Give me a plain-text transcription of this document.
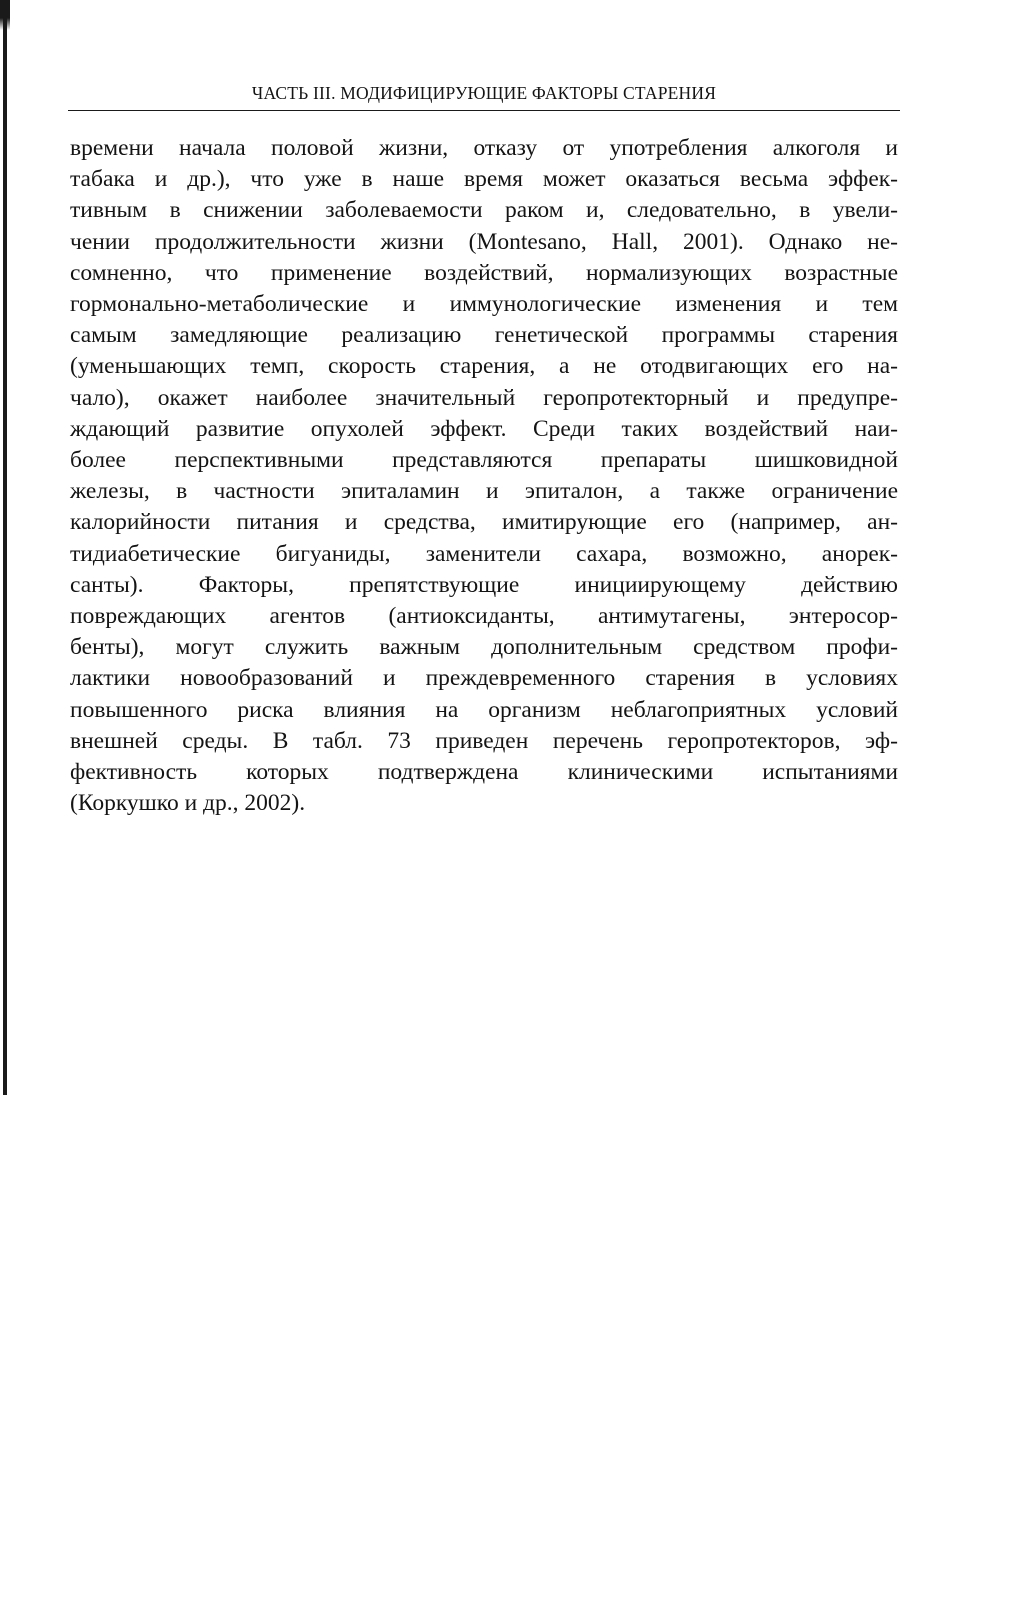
ЧАСТЬ III. МОДИФИЦИРУЮЩИЕ ФАКТОРЫ СТАРЕНИЯ

времени начала половой жизни, отказу от употребления алкоголя и
табака и др.), что уже в наше время может оказаться весьма эффек-
тивным в снижении заболеваемости раком и, следовательно, в увели-
чении продолжительности жизни (Montesano, Hall, 2001). Однако не-
сомненно, что применение воздействий, нормализующих возрастные
гормонально-метаболические и иммунологические изменения и тем
самым замедляющие реализацию генетической программы старения
(уменьшающих темп, скорость старения, а не отодвигающих его на-
чало), окажет наиболее значительный геропротекторный и предупре-
ждающий развитие опухолей эффект. Среди таких воздействий наи-
более перспективными представляются препараты шишковидной
железы, в частности эпиталамин и эпиталон, а также ограничение
калорийности питания и средства, имитирующие его (например, ан-
тидиабетические бигуаниды, заменители сахара, возможно, анорек-
санты). Факторы, препятствующие инициирующему действию
повреждающих агентов (антиоксиданты, антимутагены, энтеросор-
бенты), могут служить важным дополнительным средством профи-
лактики новообразований и преждевременного старения в условиях
повышенного риска влияния на организм неблагоприятных условий
внешней среды. В табл. 73 приведен перечень геропротекторов, эф-
фективность которых подтверждена клиническими испытаниями
(Коркушко и др., 2002).
